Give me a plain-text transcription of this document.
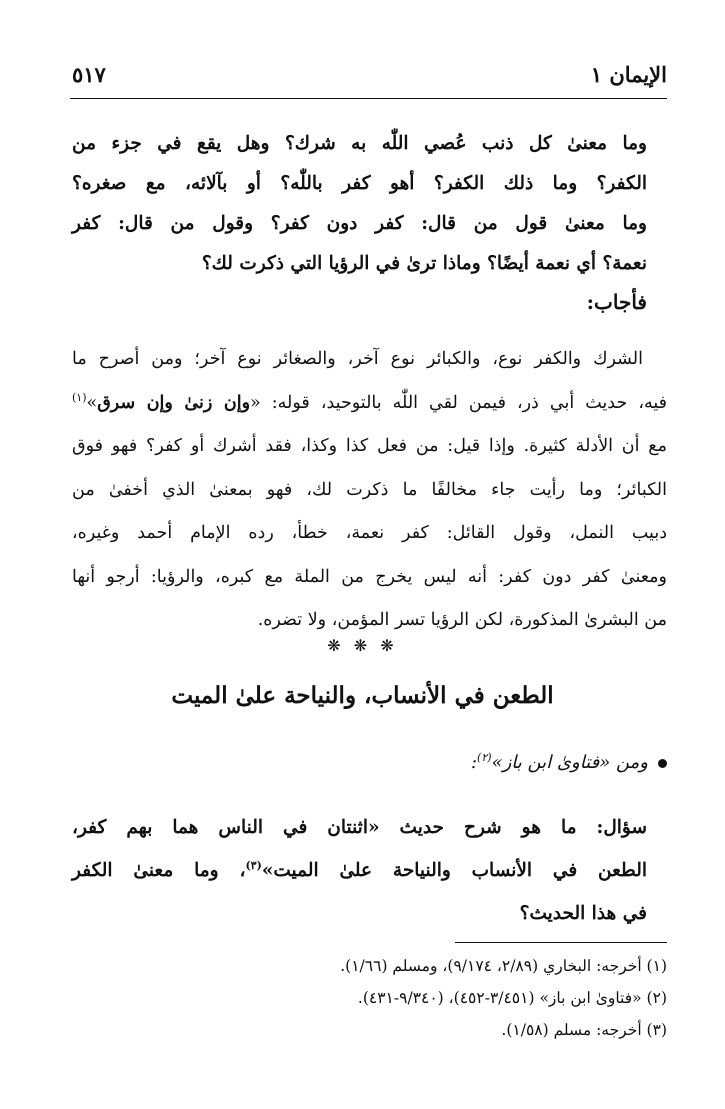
الإيمان ١
٥١٧
وما معنىٰ كل ذنب عُصي اللّٰه به شرك؟ وهل يقع في جزء من
الكفر؟ وما ذلك الكفر؟ أهو كفر باللّٰه؟ أو بآلائه، مع صغره؟
وما معنىٰ قول من قال: كفر دون كفر؟ وقول من قال: كفر
نعمة؟ أي نعمة أيضًا؟ وماذا ترىٰ في الرؤيا التي ذكرت لك؟
فأجاب:
الشرك والكفر نوع، والكبائر نوع آخر، والصغائر نوع آخر؛ ومن أصرح ما
فيه، حديث أبي ذر، فيمن لقي اللّٰه بالتوحيد، قوله: «وإن زنىٰ وإن سرق»$^{(١)}$
مع أن الأدلة كثيرة. وإذا قيل: من فعل كذا وكذا، فقد أشرك أو كفر؟ فهو فوق
الكبائر؛ وما رأيت جاء مخالفًا ما ذكرت لك، فهو بمعنىٰ الذي أخفىٰ من
دبيب النمل، وقول القائل: كفر نعمة، خطأ، رده الإمام أحمد وغيره،
ومعنىٰ كفر دون كفر: أنه ليس يخرج من الملة مع كبره، والرؤيا: أرجو أنها
من البشرىٰ المذكورة، لكن الرؤيا تسر المؤمن، ولا تضره.
❋ ❋ ❋
الطعن في الأنساب، والنياحة علىٰ الميت
ومن «فتاوىٰ ابن باز»$^{(٢)}$:
سؤال: ما هو شرح حديث «اثنتان في الناس هما بهم كفر،
الطعن في الأنساب والنياحة علىٰ الميت»$^{(٣)}$، وما معنىٰ الكفر
في هذا الحديث؟
(١) أخرجه: البخاري (٢/٨٩، ٩/١٧٤)، ومسلم (١/٦٦).
(٢) «فتاوىٰ ابن باز» (٣/٤٥١-٤٥٢)، (٩/٣٤٠-٤٣١).
(٣) أخرجه: مسلم (١/٥٨).
